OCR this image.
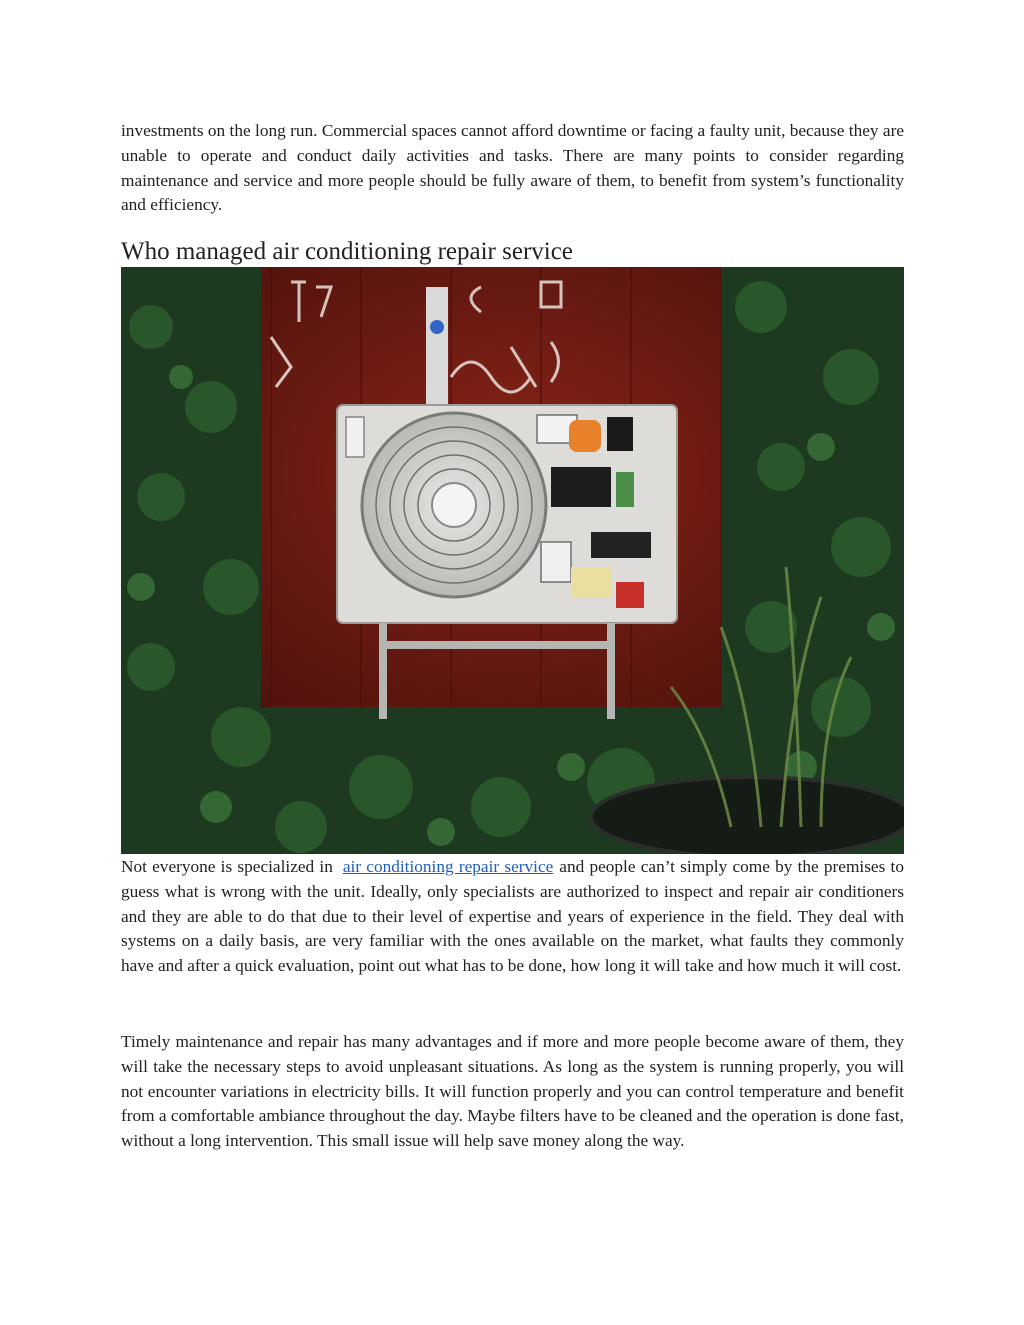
investments on the long run. Commercial spaces cannot afford downtime or facing a faulty unit, because they are unable to operate and conduct daily activities and tasks. There are many points to consider regarding maintenance and service and more people should be fully aware of them, to benefit from system’s functionality and efficiency.

Who managed air conditioning repair service

Not everyone is specialized in air conditioning repair service and people can’t simply come by the premises to guess what is wrong with the unit. Ideally, only specialists are authorized to inspect and repair air conditioners and they are able to do that due to their level of expertise and years of experience in the field. They deal with systems on a daily basis, are very familiar with the ones available on the market, what faults they commonly have and after a quick evaluation, point out what has to be done, how long it will take and how much it will cost.

Timely maintenance and repair has many advantages and if more and more people become aware of them, they will take the necessary steps to avoid unpleasant situations. As long as the system is running properly, you will not encounter variations in electricity bills. It will function properly and you can control temperature and benefit from a comfortable ambiance throughout the day. Maybe filters have to be cleaned and the operation is done fast, without a long intervention. This small issue will help save money along the way.
